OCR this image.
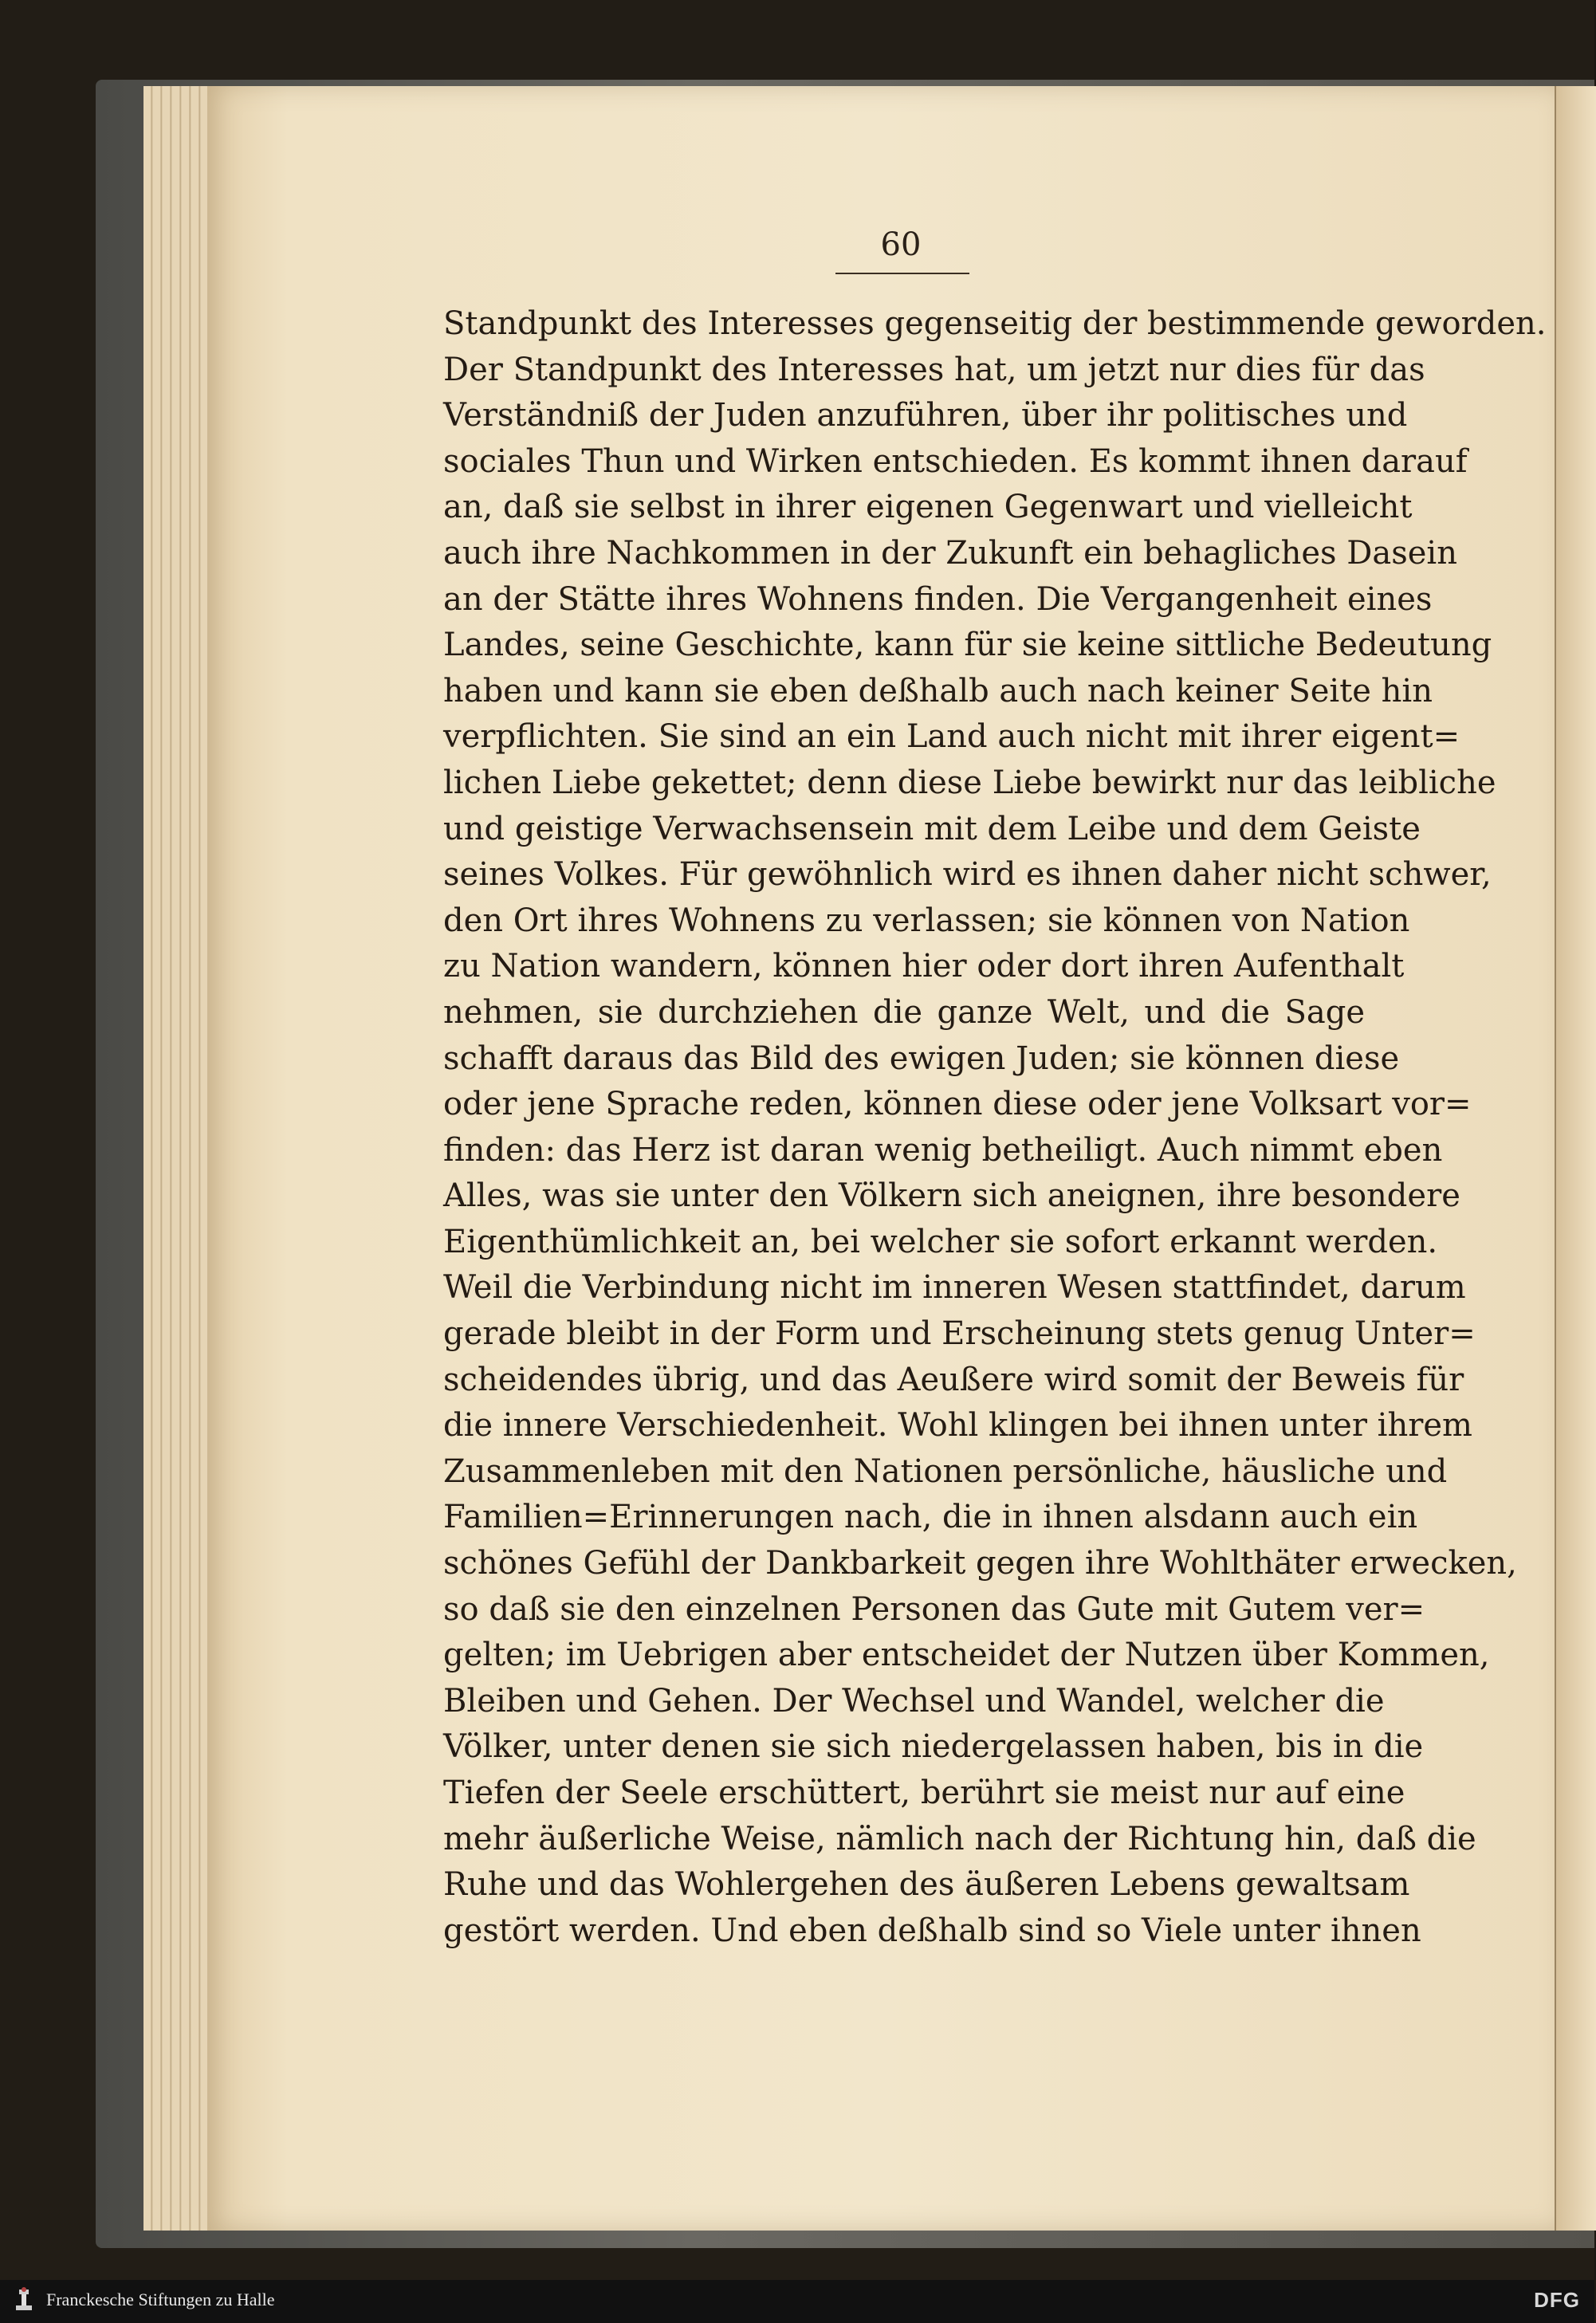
60
Standpunkt des Interesses gegenseitig der bestimmende geworden.
Der Standpunkt des Interesses hat, um jetzt nur dies für das
Verständniß der Juden anzuführen, über ihr politisches und
sociales Thun und Wirken entschieden. Es kommt ihnen darauf
an, daß sie selbst in ihrer eigenen Gegenwart und vielleicht
auch ihre Nachkommen in der Zukunft ein behagliches Dasein
an der Stätte ihres Wohnens finden. Die Vergangenheit eines
Landes, seine Geschichte, kann für sie keine sittliche Bedeutung
haben und kann sie eben deßhalb auch nach keiner Seite hin
verpflichten. Sie sind an ein Land auch nicht mit ihrer eigent=
lichen Liebe gekettet; denn diese Liebe bewirkt nur das leibliche
und geistige Verwachsensein mit dem Leibe und dem Geiste
seines Volkes. Für gewöhnlich wird es ihnen daher nicht schwer,
den Ort ihres Wohnens zu verlassen; sie können von Nation
zu Nation wandern, können hier oder dort ihren Aufenthalt
nehmen, sie durchziehen die ganze Welt, und die Sage
schafft daraus das Bild des ewigen Juden; sie können diese
oder jene Sprache reden, können diese oder jene Volksart vor=
finden: das Herz ist daran wenig betheiligt. Auch nimmt eben
Alles, was sie unter den Völkern sich aneignen, ihre besondere
Eigenthümlichkeit an, bei welcher sie sofort erkannt werden.
Weil die Verbindung nicht im inneren Wesen stattfindet, darum
gerade bleibt in der Form und Erscheinung stets genug Unter=
scheidendes übrig, und das Aeußere wird somit der Beweis für
die innere Verschiedenheit. Wohl klingen bei ihnen unter ihrem
Zusammenleben mit den Nationen persönliche, häusliche und
Familien=Erinnerungen nach, die in ihnen alsdann auch ein
schönes Gefühl der Dankbarkeit gegen ihre Wohlthäter erwecken,
so daß sie den einzelnen Personen das Gute mit Gutem ver=
gelten; im Uebrigen aber entscheidet der Nutzen über Kommen,
Bleiben und Gehen. Der Wechsel und Wandel, welcher die
Völker, unter denen sie sich niedergelassen haben, bis in die
Tiefen der Seele erschüttert, berührt sie meist nur auf eine
mehr äußerliche Weise, nämlich nach der Richtung hin, daß die
Ruhe und das Wohlergehen des äußeren Lebens gewaltsam
gestört werden. Und eben deßhalb sind so Viele unter ihnen
Franckesche Stiftungen zu Halle	DFG
